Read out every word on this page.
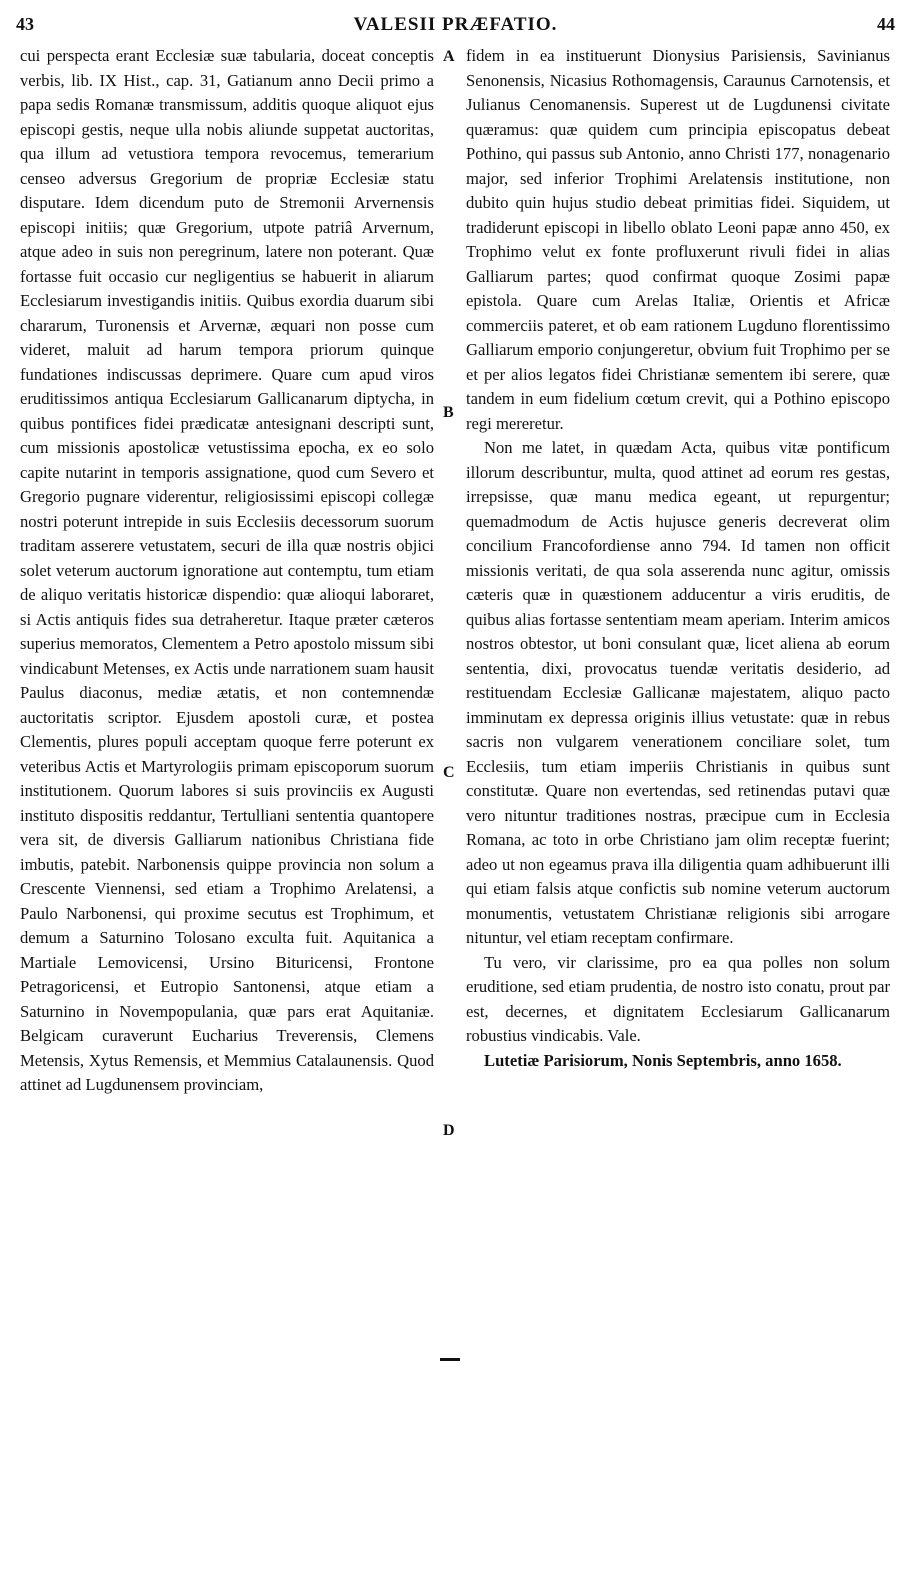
43	VALESII PRÆFATIO.	44

cui perspecta erant Ecclesiæ suæ tabularia, doceat conceptis verbis, lib. IX Hist., cap. 31, Gatianum anno Decii primo a papa sedis Romanæ transmissum, additis quoque aliquot ejus episcopi gestis, neque ulla nobis aliunde suppetat auctoritas, qua illum ad vetustiora tempora revocemus, temerarium censeo adversus Gregorium de propriæ Ecclesiæ statu disputare. Idem dicendum puto de Stremonii Arvernensis episcopi initiis; quæ Gregorium, utpote patriâ Arvernum, atque adeo in suis non peregrinum, latere non poterant. Quæ fortasse fuit occasio cur negligentius se habuerit in aliarum Ecclesiarum investigandis initiis. Quibus exordia duarum sibi chararum, Turonensis et Arvernæ, æquari non posse cum videret, maluit ad harum tempora priorum quinque fundationes indiscussas deprimere. Quare cum apud viros eruditissimos antiqua Ecclesiarum Gallicanarum diptycha, in quibus pontifices fidei prædicatæ antesignani descripti sunt, cum missionis apostolicæ vetustissima epocha, ex eo solo capite nutarint in temporis assignatione, quod cum Severo et Gregorio pugnare viderentur, religiosissimi episcopi collegæ nostri poterunt intrepide in suis Ecclesiis decessorum suorum traditam asserere vetustatem, securi de illa quæ nostris objici solet veterum auctorum ignoratione aut contemptu, tum etiam de aliquo veritatis historicæ dispendio: quæ alioqui laboraret, si Actis antiquis fides sua detraheretur. Itaque præter cæteros superius memoratos, Clementem a Petro apostolo missum sibi vindicabunt Metenses, ex Actis unde narrationem suam hausit Paulus diaconus, mediæ ætatis, et non contemnendæ auctoritatis scriptor. Ejusdem apostoli curæ, et postea Clementis, plures populi acceptam quoque ferre poterunt ex veteribus Actis et Martyrologiis primam episcoporum suorum institutionem. Quorum labores si suis provinciis ex Augusti instituto dispositis reddantur, Tertulliani sententia quantopere vera sit, de diversis Galliarum nationibus Christiana fide imbutis, patebit. Narbonensis quippe provincia non solum a Crescente Viennensi, sed etiam a Trophimo Arelatensi, a Paulo Narbonensi, qui proxime secutus est Trophimum, et demum a Saturnino Tolosano exculta fuit. Aquitanica a Martiale Lemovicensi, Ursino Bituricensi, Frontone Petragoricensi, et Eutropio Santonensi, atque etiam a Saturnino in Novempopulania, quæ pars erat Aquitaniæ. Belgicam curaverunt Eucharius Treverensis, Clemens Metensis, Xytus Remensis, et Memmius Catalaunensis. Quod attinet ad Lugdunensem provinciam,

A
B
C
D

fidem in ea instituerunt Dionysius Parisiensis, Savinianus Senonensis, Nicasius Rothomagensis, Caraunus Carnotensis, et Julianus Cenomanensis. Superest ut de Lugdunensi civitate quæramus: quæ quidem cum principia episcopatus debeat Pothino, qui passus sub Antonio, anno Christi 177, nonagenario major, sed inferior Trophimi Arelatensis institutione, non dubito quin hujus studio debeat primitias fidei. Siquidem, ut tradiderunt episcopi in libello oblato Leoni papæ anno 450, ex Trophimo velut ex fonte profluxerunt rivuli fidei in alias Galliarum partes; quod confirmat quoque Zosimi papæ epistola. Quare cum Arelas Italiæ, Orientis et Africæ commerciis pateret, et ob eam rationem Lugduno florentissimo Galliarum emporio conjungeretur, obvium fuit Trophimo per se et per alios legatos fidei Christianæ sementem ibi serere, quæ tandem in eum fidelium cœtum crevit, qui a Pothino episcopo regi mereretur.

Non me latet, in quædam Acta, quibus vitæ pontificum illorum describuntur, multa, quod attinet ad eorum res gestas, irrepsisse, quæ manu medica egeant, ut repurgentur; quemadmodum de Actis hujusce generis decreverat olim concilium Francofordiense anno 794. Id tamen non officit missionis veritati, de qua sola asserenda nunc agitur, omissis cæteris quæ in quæstionem adducentur a viris eruditis, de quibus alias fortasse sententiam meam aperiam. Interim amicos nostros obtestor, ut boni consulant quæ, licet aliena ab eorum sententia, dixi, provocatus tuendæ veritatis desiderio, ad restituendam Ecclesiæ Gallicanæ majestatem, aliquo pacto imminutam ex depressa originis illius vetustate: quæ in rebus sacris non vulgarem venerationem conciliare solet, tum Ecclesiis, tum etiam imperiis Christianis in quibus sunt constitutæ. Quare non evertendas, sed retinendas putavi quæ vero nituntur traditiones nostras, præcipue cum in Ecclesia Romana, ac toto in orbe Christiano jam olim receptæ fuerint; adeo ut non egeamus prava illa diligentia quam adhibuerunt illi qui etiam falsis atque confictis sub nomine veterum auctorum monumentis, vetustatem Christianæ religionis sibi arrogare nituntur, vel etiam receptam confirmare.

Tu vero, vir clarissime, pro ea qua polles non solum eruditione, sed etiam prudentia, de nostro isto conatu, prout par est, decernes, et dignitatem Ecclesiarum Gallicanarum robustius vindicabis. Vale.

Lutetiæ Parisiorum, Nonis Septembris, anno 1658.
